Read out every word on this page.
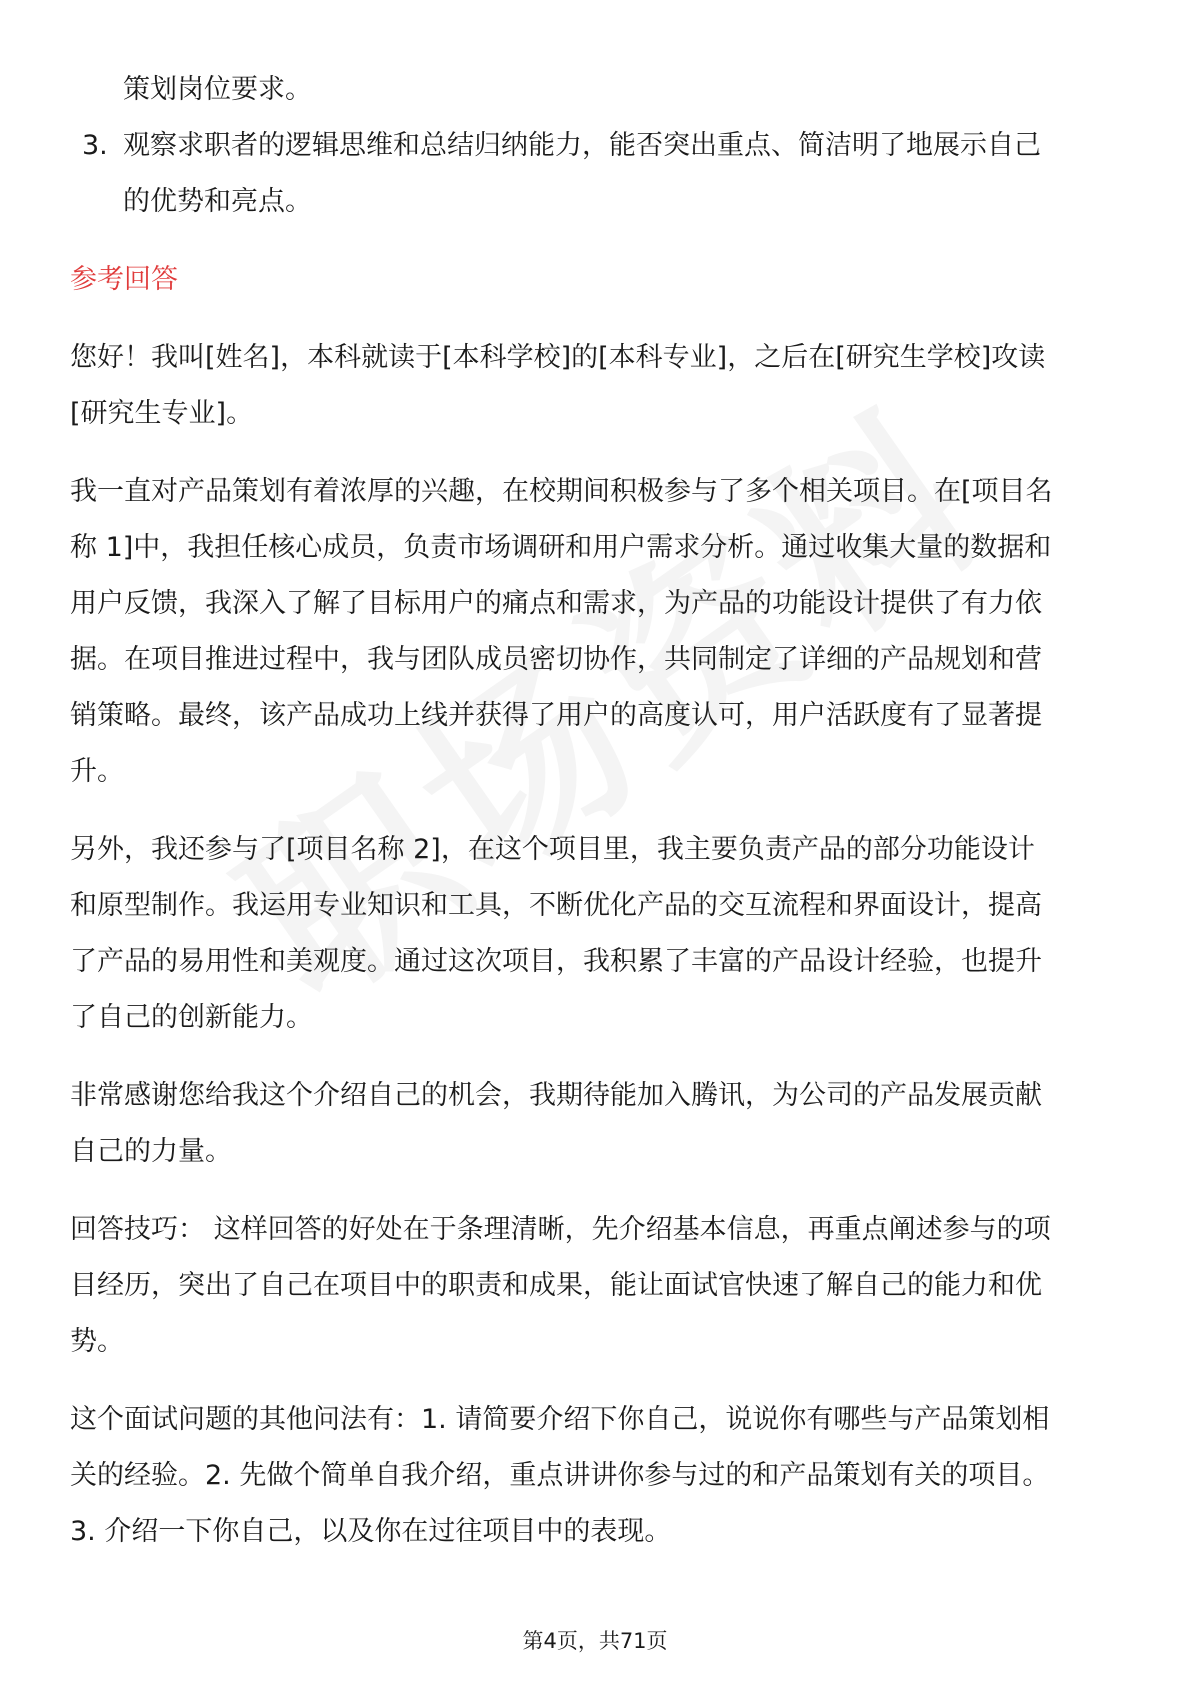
策划岗位要求。
3. 观察求职者的逻辑思维和总结归纳能力，能否突出重点、简洁明了地展示自己
的优势和亮点。
参考回答
您好！我叫[姓名]，本科就读于[本科学校]的[本科专业]，之后在[研究生学校]攻读
[研究生专业]。
我一直对产品策划有着浓厚的兴趣，在校期间积极参与了多个相关项目。在[项目名
称 1]中，我担任核心成员，负责市场调研和用户需求分析。通过收集大量的数据和
用户反馈，我深入了解了目标用户的痛点和需求，为产品的功能设计提供了有力依
据。在项目推进过程中，我与团队成员密切协作，共同制定了详细的产品规划和营
销策略。最终，该产品成功上线并获得了用户的高度认可，用户活跃度有了显著提
升。
另外，我还参与了[项目名称 2]，在这个项目里，我主要负责产品的部分功能设计
和原型制作。我运用专业知识和工具，不断优化产品的交互流程和界面设计，提高
了产品的易用性和美观度。通过这次项目，我积累了丰富的产品设计经验，也提升
了自己的创新能力。
非常感谢您给我这个介绍自己的机会，我期待能加入腾讯，为公司的产品发展贡献
自己的力量。
回答技巧： 这样回答的好处在于条理清晰，先介绍基本信息，再重点阐述参与的项
目经历，突出了自己在项目中的职责和成果，能让面试官快速了解自己的能力和优
势。
这个面试问题的其他问法有：1. 请简要介绍下你自己，说说你有哪些与产品策划相
关的经验。2. 先做个简单自我介绍，重点讲讲你参与过的和产品策划有关的项目。
3. 介绍一下你自己，以及你在过往项目中的表现。
第4页，共71页
